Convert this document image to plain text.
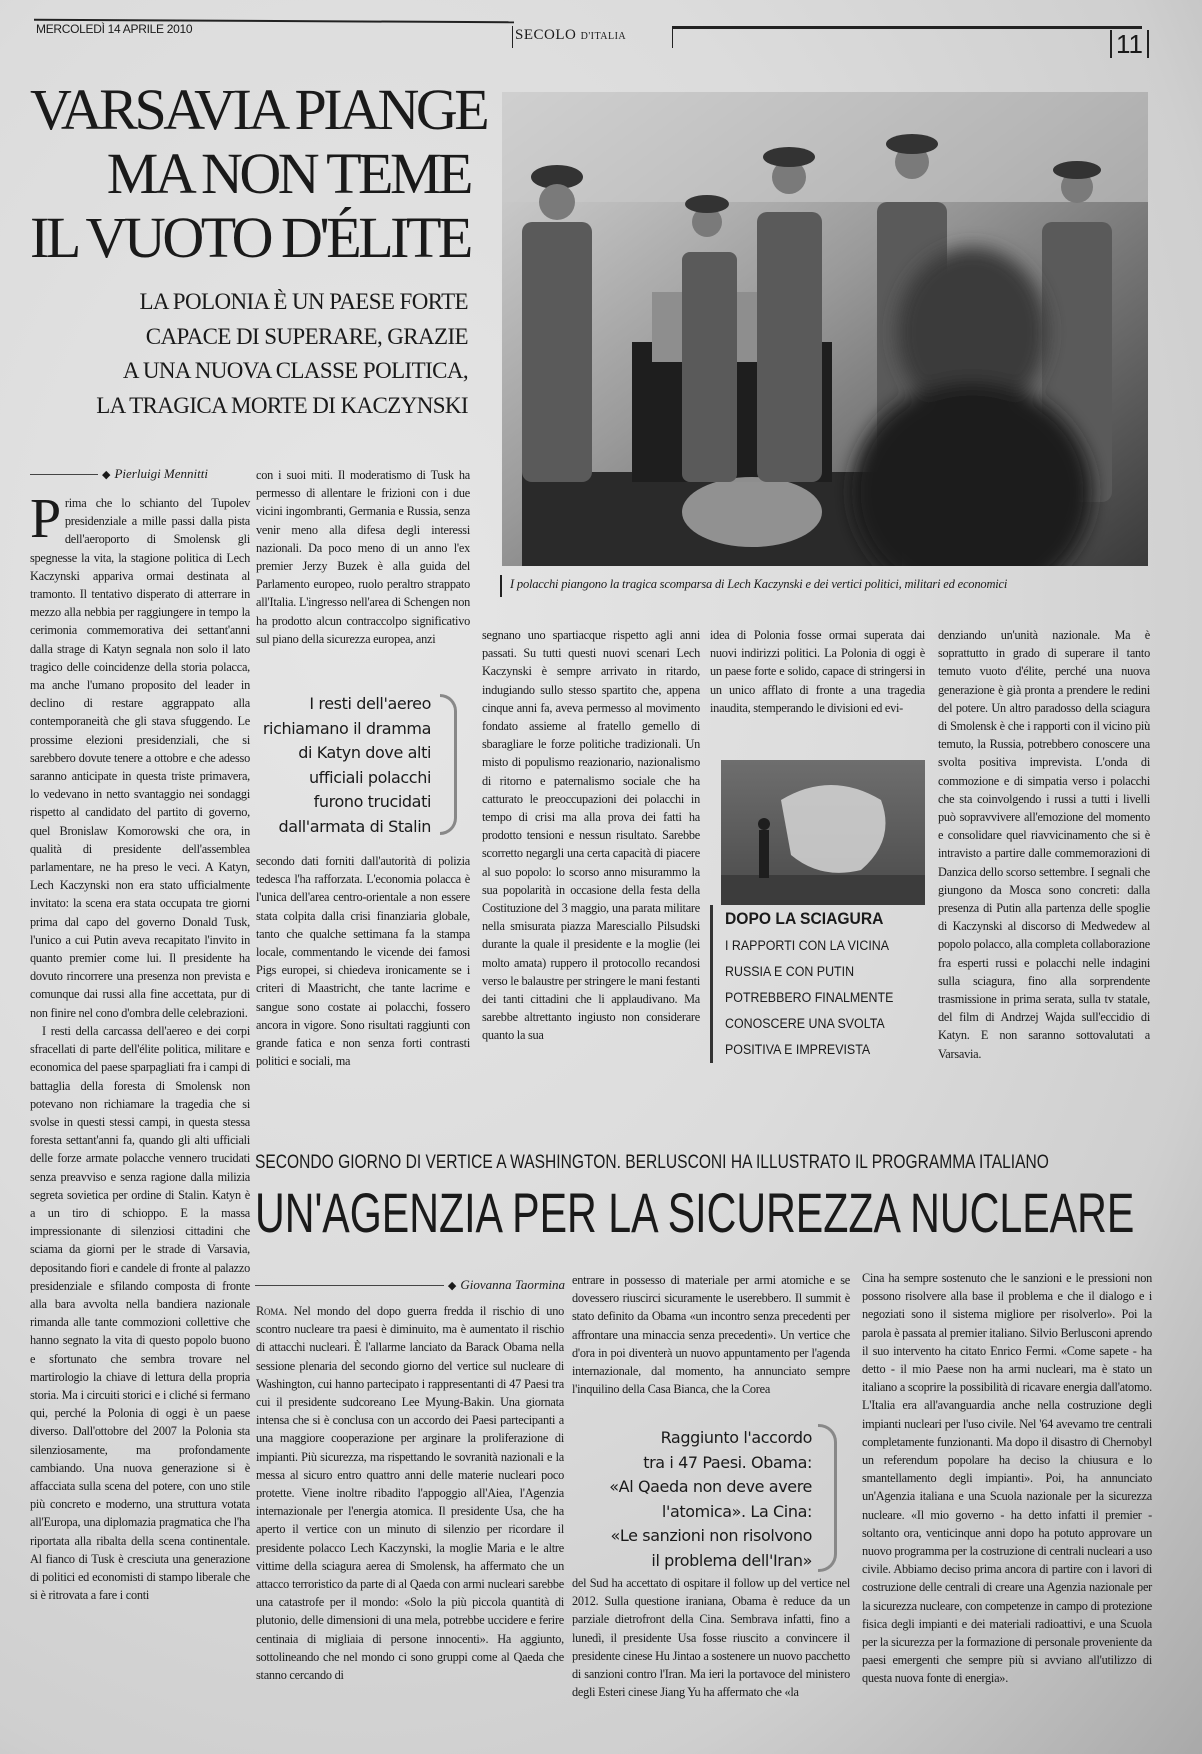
MERCOLEDÌ 14 APRILE 2010	SECOLO D'ITALIA	11
VARSAVIA PIANGE
MA NON TEME
IL VUOTO D'ÉLITE
LA POLONIA È UN PAESE FORTE
CAPACE DI SUPERARE, GRAZIE
A UNA NUOVA CLASSE POLITICA,
LA TRAGICA MORTE DI KACZYNSKI
I polacchi piangono la tragica scomparsa di Lech Kaczynski e dei vertici politici, militari ed economici
◆ Pierluigi Mennitti

Prima che lo schianto del Tupolev presidenziale a mille passi dalla pista dell'aeroporto di Smolensk gli spegnesse la vita, la stagione politica di Lech Kaczynski appariva ormai destinata al tramonto. Il tentativo disperato di atterrare in mezzo alla nebbia per raggiungere in tempo la cerimonia commemorativa dei settant'anni dalla strage di Katyn segnala non solo il lato tragico delle coincidenze della storia polacca, ma anche l'umano proposito del leader in declino di restare aggrappato alla contemporaneità che gli stava sfuggendo. Le prossime elezioni presidenziali, che si sarebbero dovute tenere a ottobre e che adesso saranno anticipate in questa triste primavera, lo vedevano in netto svantaggio nei sondaggi rispetto al candidato del partito di governo, quel Bronislaw Komorowski che ora, in qualità di presidente dell'assemblea parlamentare, ne ha preso le veci. A Katyn, Lech Kaczynski non era stato ufficialmente invitato: la scena era stata occupata tre giorni prima dal capo del governo Donald Tusk, l'unico a cui Putin aveva recapitato l'invito in quanto premier come lui. Il presidente ha dovuto rincorrere una presenza non prevista e comunque dai russi alla fine accettata, pur di non finire nel cono d'ombra delle celebrazioni.

I resti della carcassa dell'aereo e dei corpi sfracellati di parte dell'élite politica, militare e economica del paese sparpagliati fra i campi di battaglia della foresta di Smolensk non potevano non richiamare la tragedia che si svolse in questi stessi campi, in questa stessa foresta settant'anni fa, quando gli alti ufficiali delle forze armate polacche vennero trucidati senza preavviso e senza ragione dalla milizia segreta sovietica per ordine di Stalin. Katyn è a un tiro di schioppo. E la massa impressionante di silenziosi cittadini che sciama da giorni per le strade di Varsavia, depositando fiori e candele di fronte al palazzo presidenziale e sfilando composta di fronte alla bara avvolta nella bandiera nazionale rimanda alle tante commozioni collettive che hanno segnato la vita di questo popolo buono e sfortunato che sembra trovare nel martirologio la chiave di lettura della propria storia. Ma i circuiti storici e i cliché si fermano qui, perché la Polonia di oggi è un paese diverso. Dall'ottobre del 2007 la Polonia sta silenziosamente, ma profondamente cambiando. Una nuova generazione si è affacciata sulla scena del potere, con uno stile più concreto e moderno, una struttura votata all'Europa, una diplomazia pragmatica che l'ha riportata alla ribalta della scena continentale. Al fianco di Tusk è cresciuta una generazione di politici ed economisti di stampo liberale che si è ritrovata a fare i conti

con i suoi miti. Il moderatismo di Tusk ha permesso di allentare le frizioni con i due vicini ingombranti, Germania e Russia, senza venir meno alla difesa degli interessi nazionali. Da poco meno di un anno l'ex premier Jerzy Buzek è alla guida del Parlamento europeo, ruolo peraltro strappato all'Italia. L'ingresso nell'area di Schengen non ha prodotto alcun contraccolpo significativo sul piano della sicurezza europea, anzi
I resti dell'aereo
richiamano il dramma
di Katyn dove alti
ufficiali polacchi
furono trucidati
dall'armata di Stalin
secondo dati forniti dall'autorità di polizia tedesca l'ha rafforzata. L'economia polacca è l'unica dell'area centro-orientale a non essere stata colpita dalla crisi finanziaria globale, tanto che qualche settimana fa la stampa locale, commentando le vicende dei famosi Pigs europei, si chiedeva ironicamente se i criteri di Maastricht, che tante lacrime e sangue sono costate ai polacchi, fossero ancora in vigore. Sono risultati raggiunti con grande fatica e non senza forti contrasti politici e sociali, ma
segnano uno spartiacque rispetto agli anni passati. Su tutti questi nuovi scenari Lech Kaczynski è sempre arrivato in ritardo, indugiando sullo stesso spartito che, appena cinque anni fa, aveva permesso al movimento fondato assieme al fratello gemello di sbaragliare le forze politiche tradizionali. Un misto di populismo reazionario, nazionalismo di ritorno e paternalismo sociale che ha catturato le preoccupazioni dei polacchi in tempo di crisi ma alla prova dei fatti ha prodotto tensioni e nessun risultato. Sarebbe scorretto negargli una certa capacità di piacere al suo popolo: lo scorso anno misurammo la sua popolarità in occasione della festa della Costituzione del 3 maggio, una parata militare nella smisurata piazza Maresciallo Pilsudski durante la quale il presidente e la moglie (lei molto amata) ruppero il protocollo recandosi verso le balaustre per stringere le mani festanti dei tanti cittadini che li applaudivano. Ma sarebbe altrettanto ingiusto non considerare quanto la sua
idea di Polonia fosse ormai superata dai nuovi indirizzi politici. La Polonia di oggi è un paese forte e solido, capace di stringersi in un unico afflato di fronte a una tragedia inaudita, stemperando le divisioni ed evi-
DOPO LA SCIAGURA
I RAPPORTI CON LA VICINA
RUSSIA E CON PUTIN
POTREBBERO FINALMENTE
CONOSCERE UNA SVOLTA
POSITIVA E IMPREVISTA
denziando un'unità nazionale. Ma è soprattutto in grado di superare il tanto temuto vuoto d'élite, perché una nuova generazione è già pronta a prendere le redini del potere. Un altro paradosso della sciagura di Smolensk è che i rapporti con il vicino più temuto, la Russia, potrebbero conoscere una svolta positiva imprevista. L'onda di commozione e di simpatia verso i polacchi che sta coinvolgendo i russi a tutti i livelli può sopravvivere all'emozione del momento e consolidare quel riavvicinamento che si è intravisto a partire dalle commemorazioni di Danzica dello scorso settembre. I segnali che giungono da Mosca sono concreti: dalla presenza di Putin alla partenza delle spoglie di Kaczynski al discorso di Medwedew al popolo polacco, alla completa collaborazione fra esperti russi e polacchi nelle indagini sulla sciagura, fino alla sorprendente trasmissione in prima serata, sulla tv statale, del film di Andrzej Wajda sull'eccidio di Katyn. E non saranno sottovalutati a Varsavia.
SECONDO GIORNO DI VERTICE A WASHINGTON. BERLUSCONI HA ILLUSTRATO IL PROGRAMMA ITALIANO
UN'AGENZIA PER LA SICUREZZA NUCLEARE
◆ Giovanna Taormina

Roma. Nel mondo del dopo guerra fredda il rischio di uno scontro nucleare tra paesi è diminuito, ma è aumentato il rischio di attacchi nucleari. È l'allarme lanciato da Barack Obama nella sessione plenaria del secondo giorno del vertice sul nucleare di Washington, cui hanno partecipato i rappresentanti di 47 Paesi tra cui il presidente sudcoreano Lee Myung-Bakin. Una giornata intensa che si è conclusa con un accordo dei Paesi partecipanti a una maggiore cooperazione per arginare la proliferazione di impianti. Più sicurezza, ma rispettando le sovranità nazionali e la messa al sicuro entro quattro anni delle materie nucleari poco protette. Viene inoltre ribadito l'appoggio all'Aiea, l'Agenzia internazionale per l'energia atomica. Il presidente Usa, che ha aperto il vertice con un minuto di silenzio per ricordare il presidente polacco Lech Kaczynski, la moglie Maria e le altre vittime della sciagura aerea di Smolensk, ha affermato che un attacco terroristico da parte di al Qaeda con armi nucleari sarebbe una catastrofe per il mondo: «Solo la più piccola quantità di plutonio, delle dimensioni di una mela, potrebbe uccidere e ferire centinaia di migliaia di persone innocenti». Ha aggiunto, sottolineando che nel mondo ci sono gruppi come al Qaeda che stanno cercando di

entrare in possesso di materiale per armi atomiche e se dovessero riuscirci sicuramente le userebbero. Il summit è stato definito da Obama «un incontro senza precedenti per affrontare una minaccia senza precedenti». Un vertice che d'ora in poi diventerà un nuovo appuntamento per l'agenda internazionale, dal momento, ha annunciato sempre l'inquilino della Casa Bianca, che la Corea
Raggiunto l'accordo
tra i 47 Paesi. Obama:
«Al Qaeda non deve avere
l'atomica». La Cina:
«Le sanzioni non risolvono
il problema dell'Iran»
del Sud ha accettato di ospitare il follow up del vertice nel 2012. Sulla questione iraniana, Obama è reduce da un parziale dietrofront della Cina. Sembrava infatti, fino a lunedì, il presidente Usa fosse riuscito a convincere il presidente cinese Hu Jintao a sostenere un nuovo pacchetto di sanzioni contro l'Iran. Ma ieri la portavoce del ministero degli Esteri cinese Jiang Yu ha affermato che «la
Cina ha sempre sostenuto che le sanzioni e le pressioni non possono risolvere alla base il problema e che il dialogo e i negoziati sono il sistema migliore per risolverlo». Poi la parola è passata al premier italiano. Silvio Berlusconi aprendo il suo intervento ha citato Enrico Fermi. «Come sapete - ha detto - il mio Paese non ha armi nucleari, ma è stato un italiano a scoprire la possibilità di ricavare energia dall'atomo. L'Italia era all'avanguardia anche nella costruzione degli impianti nucleari per l'uso civile. Nel '64 avevamo tre centrali completamente funzionanti. Ma dopo il disastro di Chernobyl un referendum popolare ha deciso la chiusura e lo smantellamento degli impianti». Poi, ha annunciato un'Agenzia italiana e una Scuola nazionale per la sicurezza nucleare. «Il mio governo - ha detto infatti il premier - soltanto ora, venticinque anni dopo ha potuto approvare un nuovo programma per la costruzione di centrali nucleari a uso civile. Abbiamo deciso prima ancora di partire con i lavori di costruzione delle centrali di creare una Agenzia nazionale per la sicurezza nucleare, con competenze in campo di protezione fisica degli impianti e dei materiali radioattivi, e una Scuola per la sicurezza per la formazione di personale proveniente da paesi emergenti che sempre più si avviano all'utilizzo di questa nuova fonte di energia».
